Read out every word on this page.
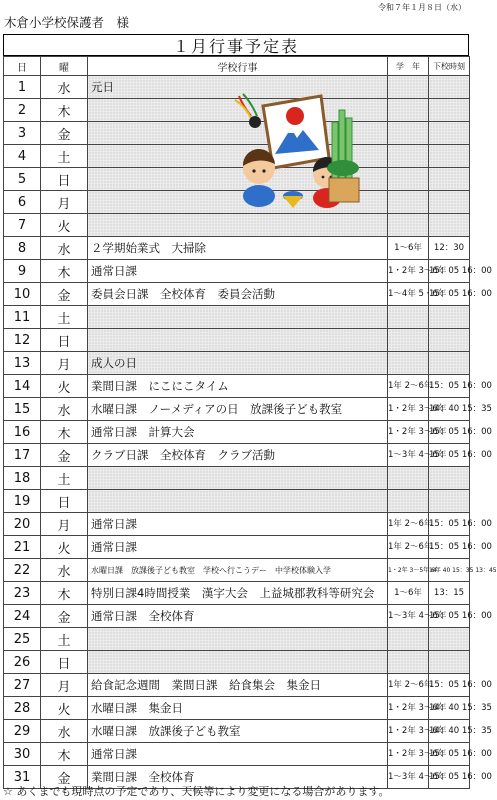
令和７年１月８日（水）
木倉小学校保護者　様
１月行事予定表
日	曜	学校行事	学　年	下校時刻
1	水	元日		
2	木			
3	金			
4	土			
5	日			
6	月			
7	火			
8	水	２学期始業式　大掃除	1～6年	12：30
9	木	通常日課	1・2年 3～6年	15：05 16：00
10	金	委員会日課　全校体育　委員会活動	1～4年 5・6年	15：05 16：00
11	土			
12	日			
13	月	成人の日		
14	火	業間日課　にこにこタイム	1年 2～6年	15：05 16：00
15	水	水曜日課　ノーメディアの日　放課後子ども教室	1・2年 3～6年	14：40 15：35
16	木	通常日課　計算大会	1・2年 3～6年	15：05 16：00
17	金	クラブ日課　全校体育　クラブ活動	1～3年 4～6年	15：05 16：00
18	土			
19	日			
20	月	通常日課	1年 2～6年	15：05 16：00
21	火	通常日課	1年 2～6年	15：05 16：00
22	水	水曜日課　放課後子ども教室　学校へ行こうデー　中学校体験入学	1・2年 3～5年 6年	14：40 15：35 13：45
23	木	特別日課4時間授業　漢字大会　上益城郡教科等研究会	1～6年	13：15
24	金	通常日課　全校体育	1～3年 4～6年	15：05 16：00
25	土			
26	日			
27	月	給食記念週間　業間日課　給食集会　集金日	1年 2～6年	15：05 16：00
28	火	水曜日課　集金日	1・2年 3～6年	14：40 15：35
29	水	水曜日課　放課後子ども教室	1・2年 3～6年	14：40 15：35
30	木	通常日課	1・2年 3～6年	15：05 16：00
31	金	業間日課　全校体育	1～3年 4～6年	15：05 16：00
☆ あくまでも現時点の予定であり、天候等により変更になる場合があります。
